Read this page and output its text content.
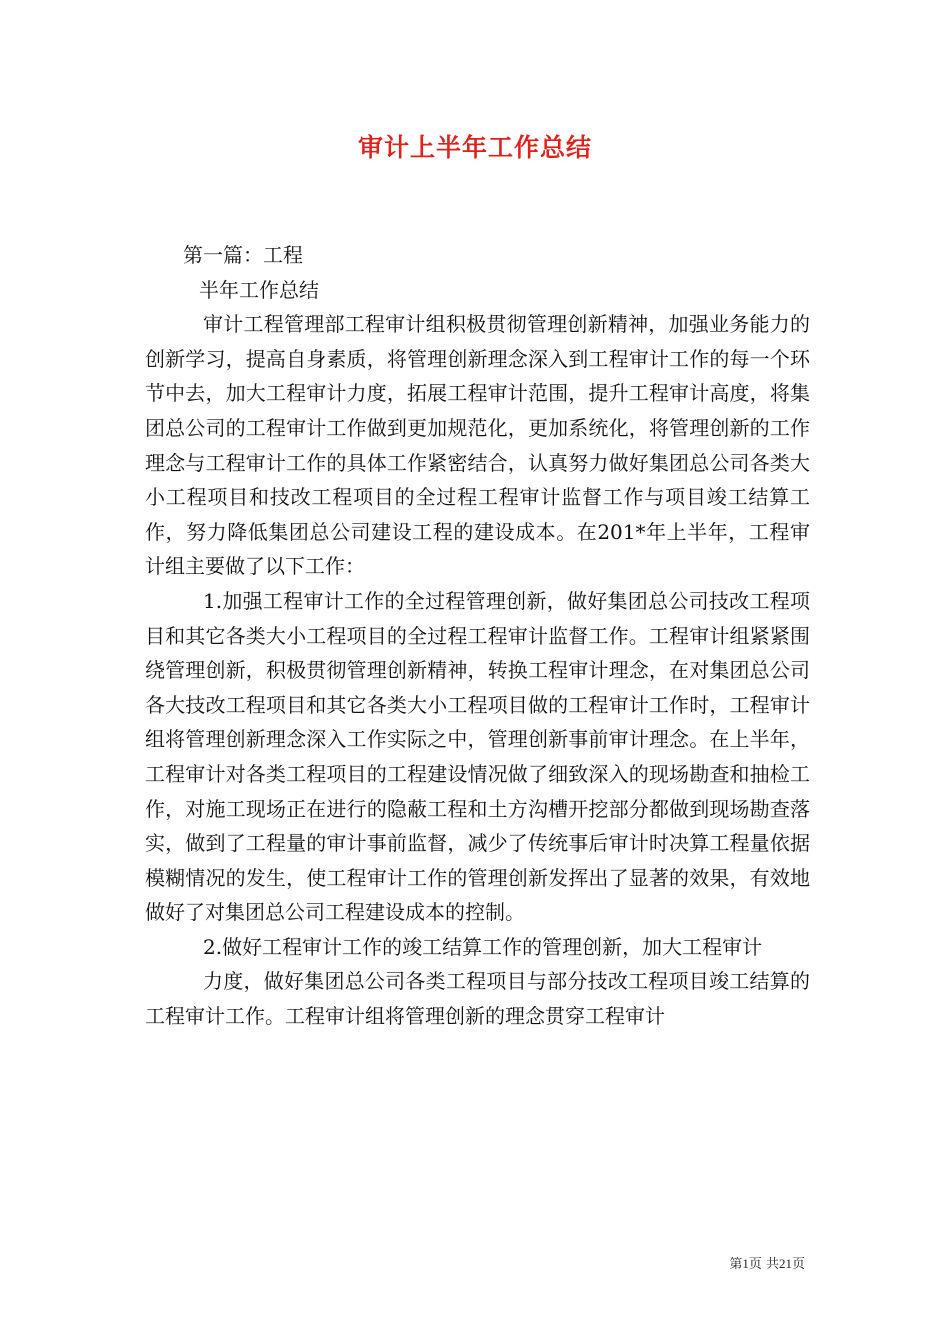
审计上半年工作总结

第一篇：工程

半年工作总结

审计工程管理部工程审计组积极贯彻管理创新精神，加强业务能力的创新学习，提高自身素质，将管理创新理念深入到工程审计工作的每一个环节中去，加大工程审计力度，拓展工程审计范围，提升工程审计高度，将集团总公司的工程审计工作做到更加规范化，更加系统化，将管理创新的工作理念与工程审计工作的具体工作紧密结合，认真努力做好集团总公司各类大小工程项目和技改工程项目的全过程工程审计监督工作与项目竣工结算工作，努力降低集团总公司建设工程的建设成本。在201*年上半年，工程审计组主要做了以下工作：

1.加强工程审计工作的全过程管理创新，做好集团总公司技改工程项目和其它各类大小工程项目的全过程工程审计监督工作。工程审计组紧紧围绕管理创新，积极贯彻管理创新精神，转换工程审计理念，在对集团总公司各大技改工程项目和其它各类大小工程项目做的工程审计工作时，工程审计组将管理创新理念深入工作实际之中，管理创新事前审计理念。在上半年，工程审计对各类工程项目的工程建设情况做了细致深入的现场勘查和抽检工作，对施工现场正在进行的隐蔽工程和土方沟槽开挖部分都做到现场勘查落实，做到了工程量的审计事前监督，减少了传统事后审计时决算工程量依据模糊情况的发生，使工程审计工作的管理创新发挥出了显著的效果，有效地做好了对集团总公司工程建设成本的控制。

2.做好工程审计工作的竣工结算工作的管理创新，加大工程审计

力度，做好集团总公司各类工程项目与部分技改工程项目竣工结算的工程审计工作。工程审计组将管理创新的理念贯穿工程审计

第1页 共21页
